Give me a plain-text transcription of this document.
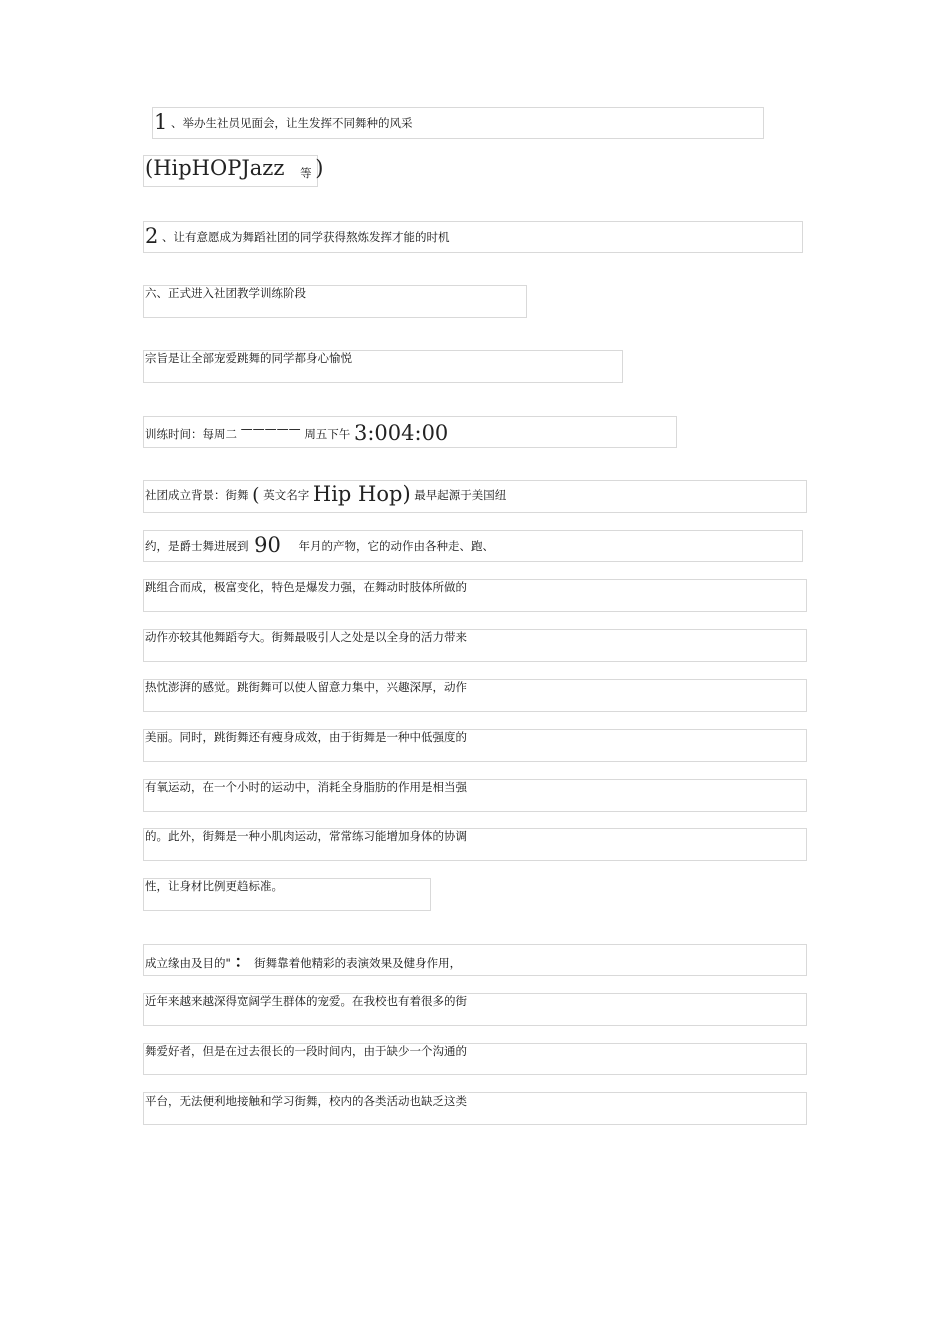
1 、举办生社员见面会，让生发挥不同舞种的风采
(HipHOPJazz 等 )
2 、让有意愿成为舞蹈社团的同学获得熬炼发挥才能的时机
六、正式进入社团教学训练阶段
宗旨是让全部宠爱跳舞的同学都身心愉悦
训练时间：每周二 ————— 周五下午 3:004:00
社团成立背景：街舞 ( 英文名字 Hip Hop) 最早起源于美国纽
约，是爵士舞进展到 90 年月的产物，它的动作由各种走、跑、
跳组合而成，极富变化，特色是爆发力强，在舞动时肢体所做的
动作亦较其他舞蹈夸大。街舞最吸引人之处是以全身的活力带来
热忱澎湃的感觉。跳街舞可以使人留意力集中，兴趣深厚，动作
美丽。同时，跳街舞还有瘦身成效，由于街舞是一种中低强度的
有氧运动，在一个小时的运动中，消耗全身脂肪的作用是相当强
的。此外，街舞是一种小肌肉运动，常常练习能增加身体的协调
性，让身材比例更趋标准。
成立缘由及目的" ： 街舞靠着他精彩的表演效果及健身作用，
近年来越来越深得宽阔学生群体的宠爱。在我校也有着很多的街
舞爱好者，但是在过去很长的一段时间内，由于缺少一个沟通的
平台，无法便利地接触和学习街舞，校内的各类活动也缺乏这类
